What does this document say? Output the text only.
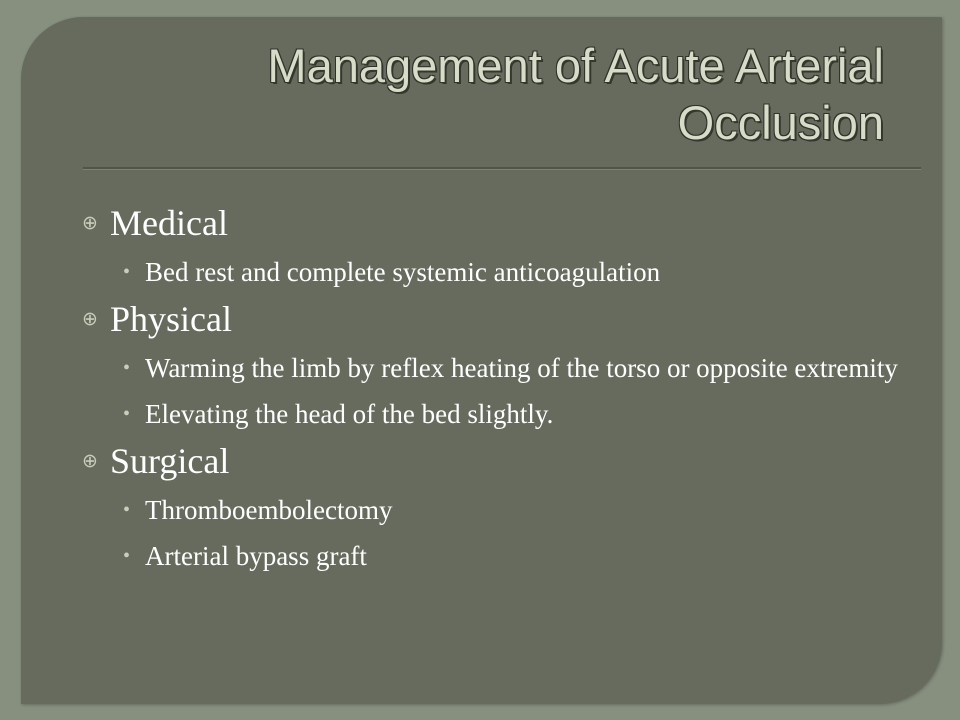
Management of Acute Arterial Occlusion
⊕ Medical
• Bed rest and complete systemic anticoagulation
⊕ Physical
• Warming the limb by reflex heating of the torso or opposite extremity
• Elevating the head of the bed slightly.
⊕ Surgical
• Thromboembolectomy
• Arterial bypass graft
